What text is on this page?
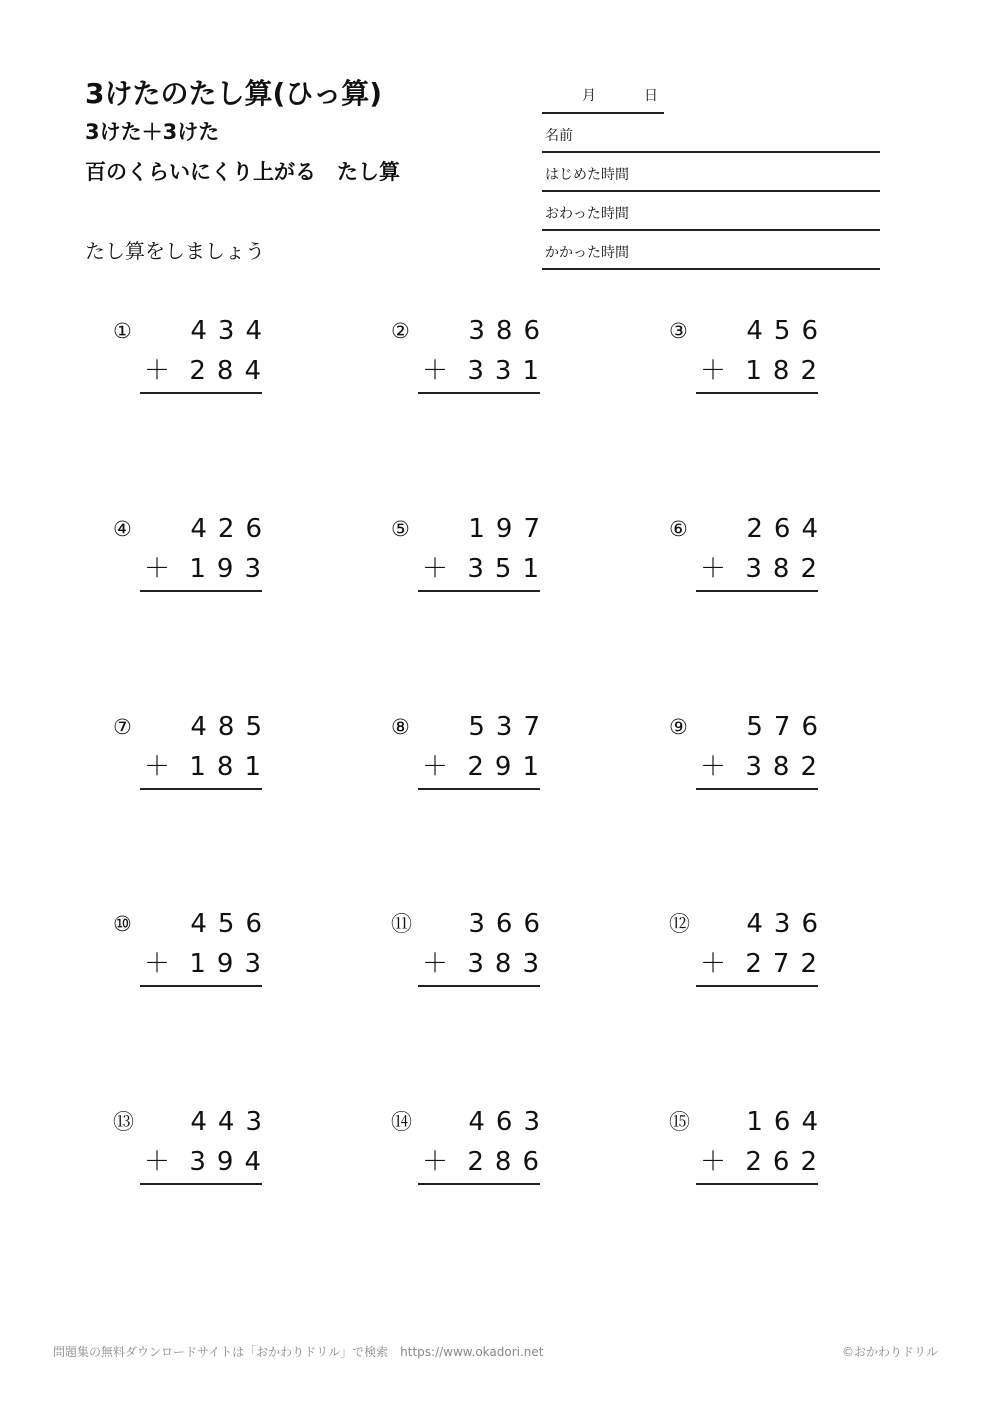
3けたのたし算(ひっ算)
3けた＋3けた
百のくらいにくり上がる　たし算
たし算をしましょう
月	日
名前
はじめた時間
おわった時間
かかった時間
① 434
＋ 284
② 386
＋ 331
③ 456
＋ 182
④ 426
＋ 193
⑤ 197
＋ 351
⑥ 264
＋ 382
⑦ 485
＋ 181
⑧ 537
＋ 291
⑨ 576
＋ 382
⑩ 456
＋ 193
⑪ 366
＋ 383
⑫ 436
＋ 272
⑬ 443
＋ 394
⑭ 463
＋ 286
⑮ 164
＋ 262
問題集の無料ダウンロードサイトは「おかわりドリル」で検索　https://www.okadori.net	©おかわりドリル
